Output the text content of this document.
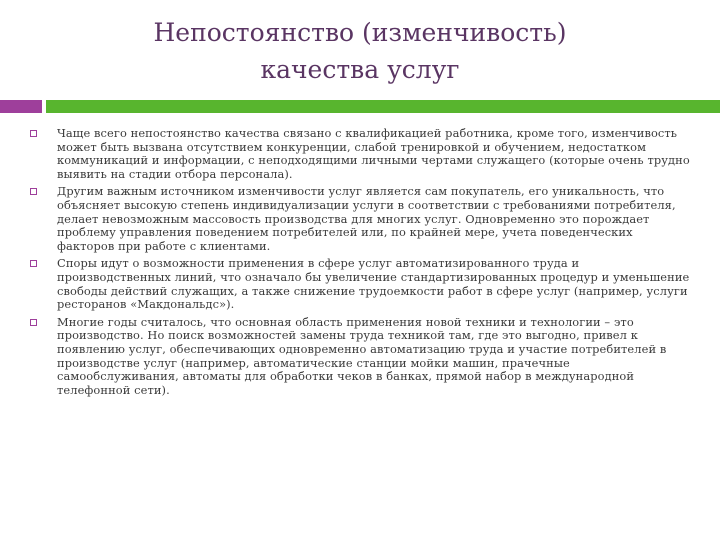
Непостоянство (изменчивость)
качества услуг
Чаще всего непостоянство качества связано с квалификацией работника, кроме того, изменчивость может быть вызвана отсутствием конкуренции, слабой тренировкой и обучением, недостатком коммуникаций и информации, с неподходящими личными чертами служащего (которые очень трудно выявить на стадии отбора персонала).
Другим важным источником изменчивости услуг является сам покупатель, его уникальность, что объясняет высокую степень индивидуализации услуги в соответствии с требованиями потребителя, делает невозможным массовость производства для многих услуг. Одновременно это порождает проблему управления поведением потребителей или, по крайней мере, учета поведенческих факторов при работе с клиентами.
Споры идут о возможности применения в сфере услуг автоматизированного труда и производственных линий, что означало бы увеличение стандартизированных процедур и уменьшение свободы действий служащих, а также снижение трудоемкости работ в сфере услуг (например, услуги ресторанов «Макдональдс»).
Многие годы считалось, что основная область применения новой техники и технологии – это производство. Но поиск возможностей замены труда техникой там, где это выгодно, привел к появлению услуг, обеспечивающих одновременно автоматизацию труда и участие потребителей в производстве услуг (например, автоматические станции мойки машин, прачечные самообслуживания, автоматы для обработки чеков в банках, прямой набор в международной телефонной сети).
